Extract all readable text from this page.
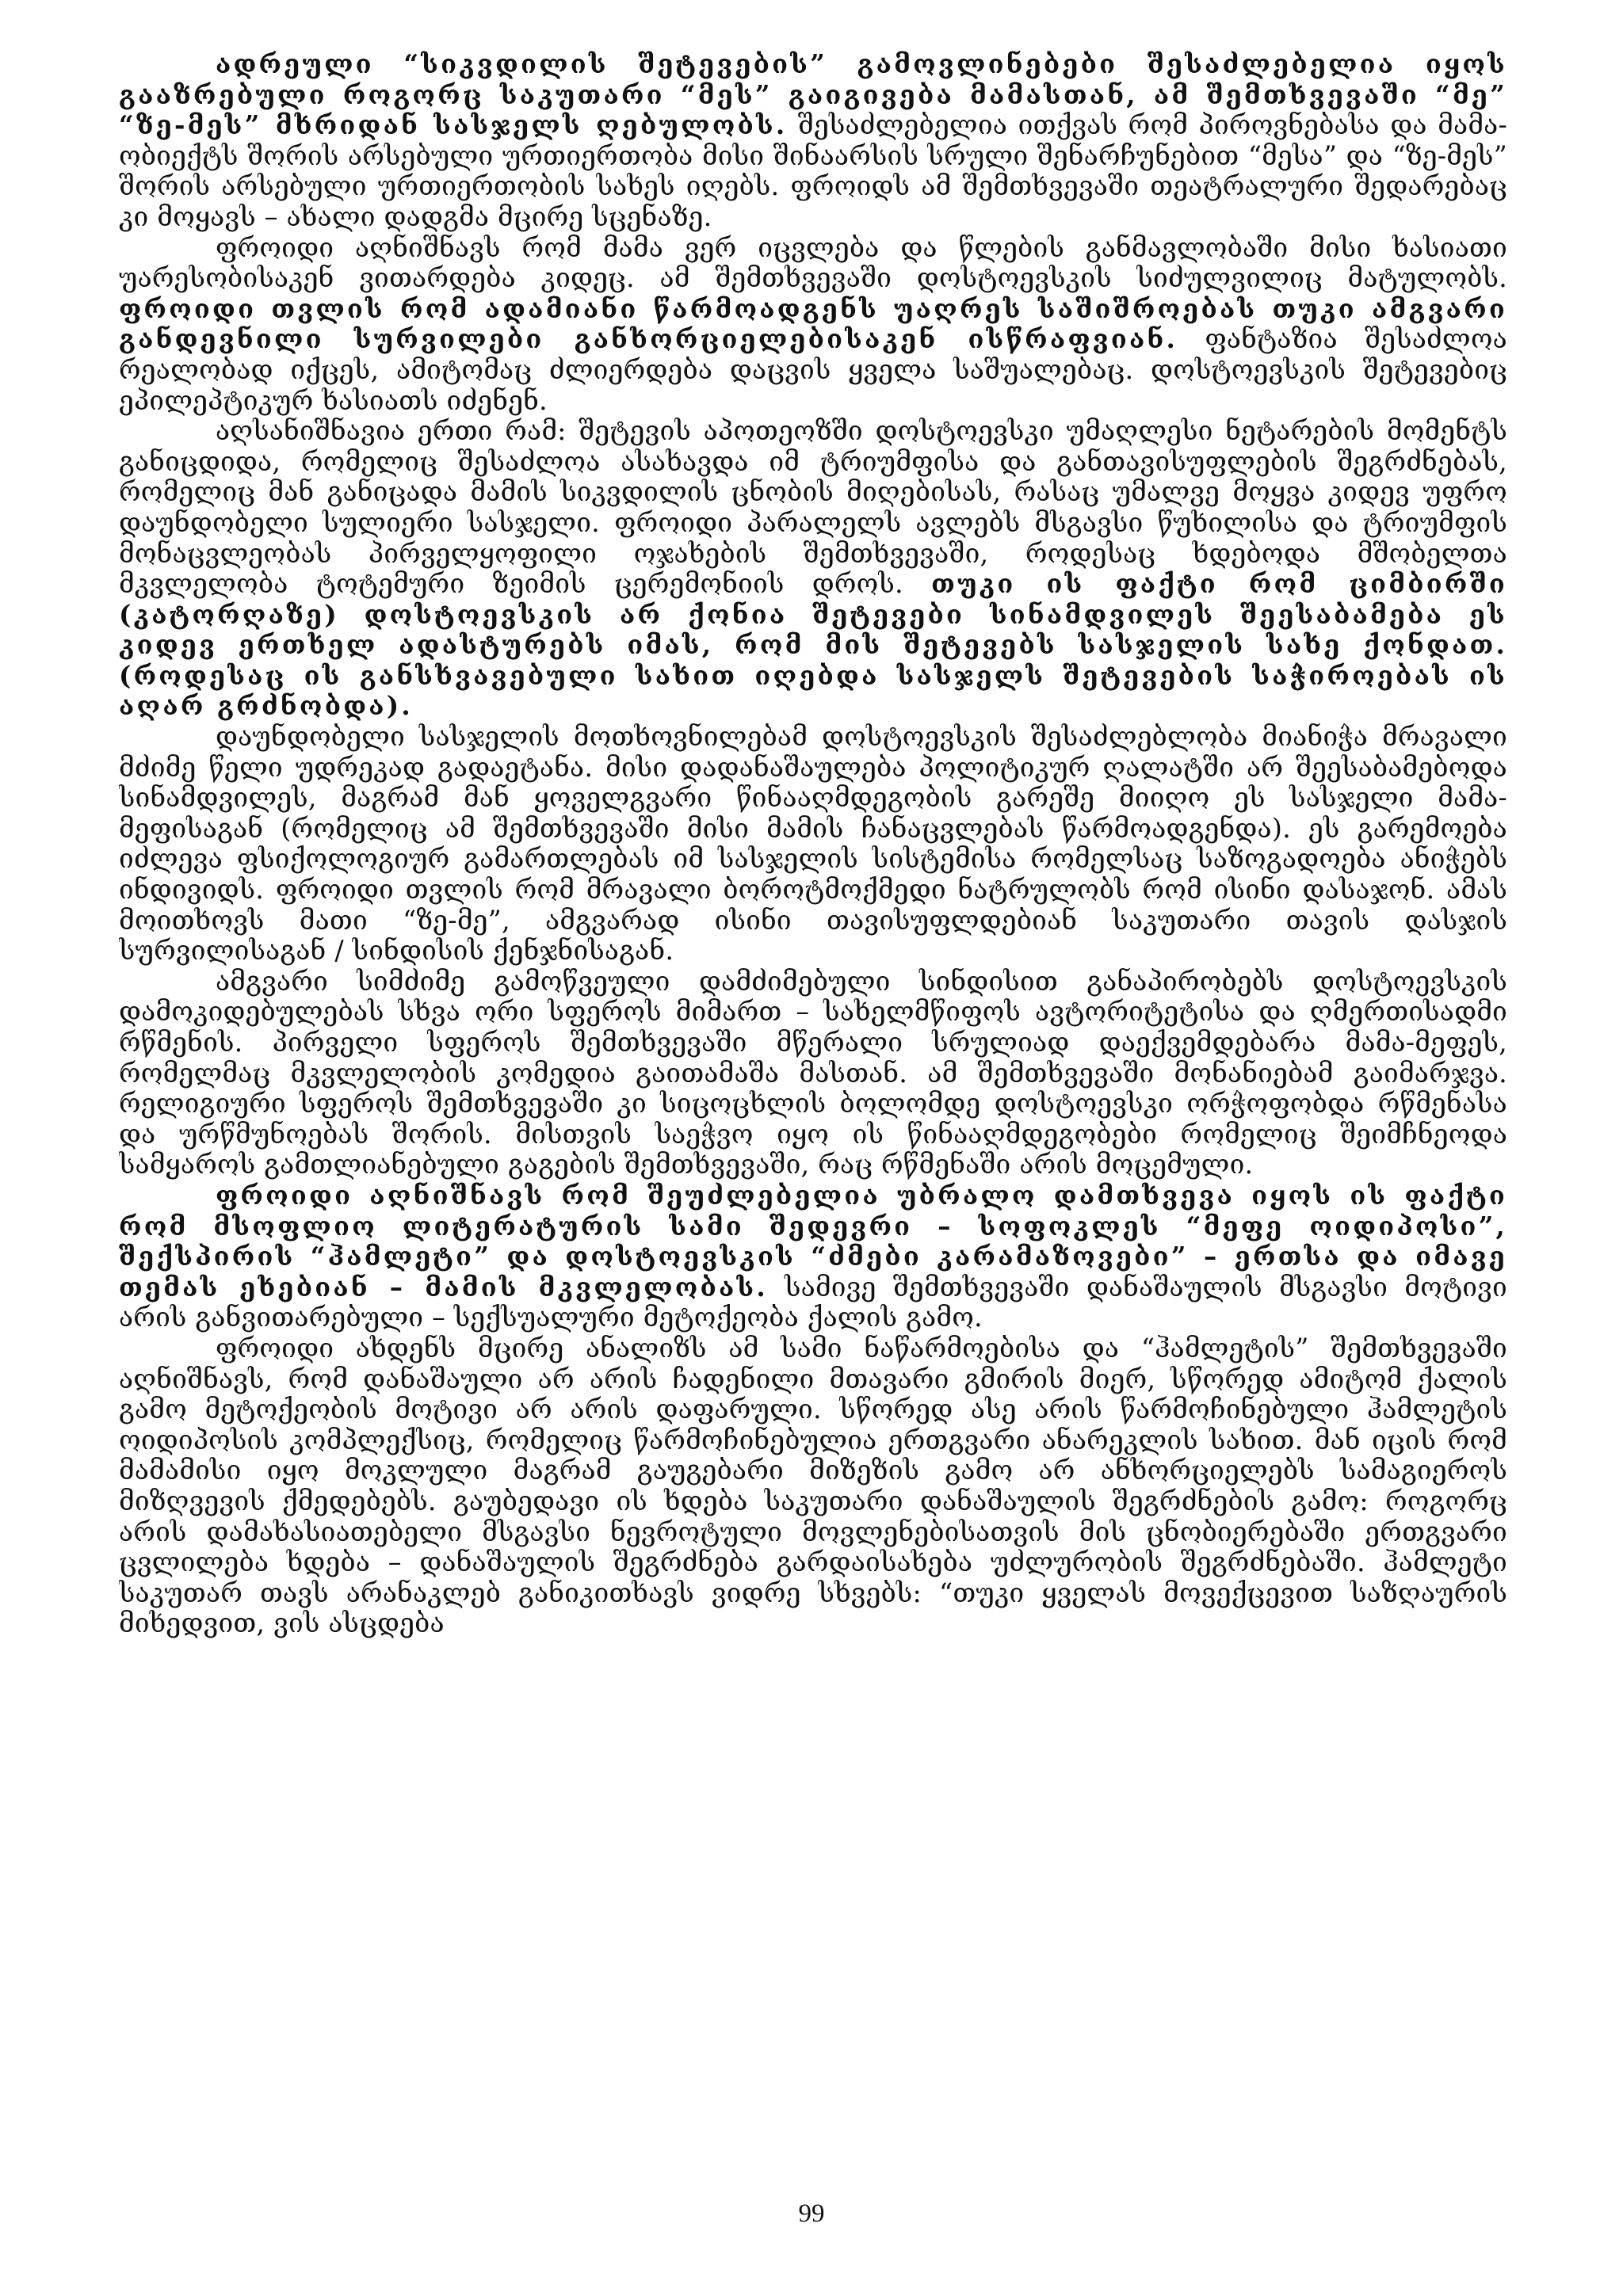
ადრეული “სიკვდილის შეტევების” გამოვლინებები შესაძლებელია იყოს გააზრებული როგორც საკუთარი “მეს” გაიგივება მამასთან, ამ შემთხვევაში “მე” “ზე-მეს” მხრიდან სასჯელს ღებულობს. შესაძლებელია ითქვას რომ პიროვნებასა და მამა-ობიექტს შორის არსებული ურთიერთობა მისი შინაარსის სრული შენარჩუნებით “მესა” და “ზე-მეს” შორის არსებული ურთიერთობის სახეს იღებს. ფროიდს ამ შემთხვევაში თეატრალური შედარებაც კი მოყავს – ახალი დადგმა მცირე სცენაზე.

ფროიდი აღნიშნავს რომ მამა ვერ იცვლება და წლების განმავლობაში მისი ხასიათი უარესობისაკენ ვითარდება კიდეც. ამ შემთხვევაში დოსტოევსკის სიძულვილიც მატულობს. ფროიდი თვლის რომ ადამიანი წარმოადგენს უაღრეს საშიშროებას თუკი ამგვარი განდევნილი სურვილები განხორციელებისაკენ ისწრაფვიან. ფანტაზია შესაძლოა რეალობად იქცეს, ამიტომაც ძლიერდება დაცვის ყველა საშუალებაც. დოსტოევსკის შეტევებიც ეპილეპტიკურ ხასიათს იძენენ.

აღსანიშნავია ერთი რამ: შეტევის აპოთეოზში დოსტოევსკი უმაღლესი ნეტარების მომენტს განიცდიდა, რომელიც შესაძლოა ასახავდა იმ ტრიუმფისა და განთავისუფლების შეგრძნებას, რომელიც მან განიცადა მამის სიკვდილის ცნობის მიღებისას, რასაც უმალვე მოყვა კიდევ უფრო დაუნდობელი სულიერი სასჯელი. ფროიდი პარალელს ავლებს მსგავსი წუხილისა და ტრიუმფის მონაცვლეობას პირველყოფილი ოჯახების შემთხვევაში, როდესაც ხდებოდა მშობელთა მკვლელობა ტოტემური ზეიმის ცერემონიის დროს. თუკი ის ფაქტი რომ ციმბირში (კატორღაზე) დოსტოევსკის არ ქონია შეტევები სინამდვილეს შეესაბამება ეს კიდევ ერთხელ ადასტურებს იმას, რომ მის შეტევებს სასჯელის სახე ქონდათ. (როდესაც ის განსხვავებული სახით იღებდა სასჯელს შეტევების საჭიროებას ის აღარ გრძნობდა).

დაუნდობელი სასჯელის მოთხოვნილებამ დოსტოევსკის შესაძლებლობა მიანიჭა მრავალი მძიმე წელი უდრეკად გადაეტანა. მისი დადანაშაულება პოლიტიკურ ღალატში არ შეესაბამებოდა სინამდვილეს, მაგრამ მან ყოველგვარი წინააღმდეგობის გარეშე მიიღო ეს სასჯელი მამა-მეფისაგან (რომელიც ამ შემთხვევაში მისი მამის ჩანაცვლებას წარმოადგენდა). ეს გარემოება იძლევა ფსიქოლოგიურ გამართლებას იმ სასჯელის სისტემისა რომელსაც საზოგადოება ანიჭებს ინდივიდს. ფროიდი თვლის რომ მრავალი ბოროტმოქმედი ნატრულობს რომ ისინი დასაჯონ. ამას მოითხოვს მათი “ზე-მე”, ამგვარად ისინი თავისუფლდებიან საკუთარი თავის დასჯის სურვილისაგან / სინდისის ქენჯნისაგან.

ამგვარი სიმძიმე გამოწვეული დამძიმებული სინდისით განაპირობებს დოსტოევსკის დამოკიდებულებას სხვა ორი სფეროს მიმართ – სახელმწიფოს ავტორიტეტისა და ღმერთისადმი რწმენის. პირველი სფეროს შემთხვევაში მწერალი სრულიად დაექვემდებარა მამა-მეფეს, რომელმაც მკვლელობის კომედია გაითამაშა მასთან. ამ შემთხვევაში მონანიებამ გაიმარჯვა. რელიგიური სფეროს შემთხვევაში კი სიცოცხლის ბოლომდე დოსტოევსკი ორჭოფობდა რწმენასა და ურწმუნოებას შორის. მისთვის საეჭვო იყო ის წინააღმდეგობები რომელიც შეიმჩნეოდა სამყაროს გამთლიანებული გაგების შემთხვევაში, რაც რწმენაში არის მოცემული.

ფროიდი აღნიშნავს რომ შეუძლებელია უბრალო დამთხვევა იყოს ის ფაქტი რომ მსოფლიო ლიტერატურის სამი შედევრი – სოფოკლეს “მეფე ოიდიპოსი”, შექსპირის “ჰამლეტი” და დოსტოევსკის “ძმები კარამაზოვები” – ერთსა და იმავე თემას ეხებიან – მამის მკვლელობას. სამივე შემთხვევაში დანაშაულის მსგავსი მოტივი არის განვითარებული – სექსუალური მეტოქეობა ქალის გამო.

ფროიდი ახდენს მცირე ანალიზს ამ სამი ნაწარმოებისა და “ჰამლეტის” შემთხვევაში აღნიშნავს, რომ დანაშაული არ არის ჩადენილი მთავარი გმირის მიერ, სწორედ ამიტომ ქალის გამო მეტოქეობის მოტივი არ არის დაფარული. სწორედ ასე არის წარმოჩინებული ჰამლეტის ოიდიპოსის კომპლექსიც, რომელიც წარმოჩინებულია ერთგვარი ანარეკლის სახით. მან იცის რომ მამამისი იყო მოკლული მაგრამ გაუგებარი მიზეზის გამო არ ანხორციელებს სამაგიეროს მიზღვევის ქმედებებს. გაუბედავი ის ხდება საკუთარი დანაშაულის შეგრძნების გამო: როგორც არის დამახასიათებელი მსგავსი ნევროტული მოვლენებისათვის მის ცნობიერებაში ერთგვარი ცვლილება ხდება – დანაშაულის შეგრძნება გარდაისახება უძლურობის შეგრძნებაში. ჰამლეტი საკუთარ თავს არანაკლებ განიკითხავს ვიდრე სხვებს: “თუკი ყველას მოვექცევით საზღაურის მიხედვით, ვის ასცდება

99
